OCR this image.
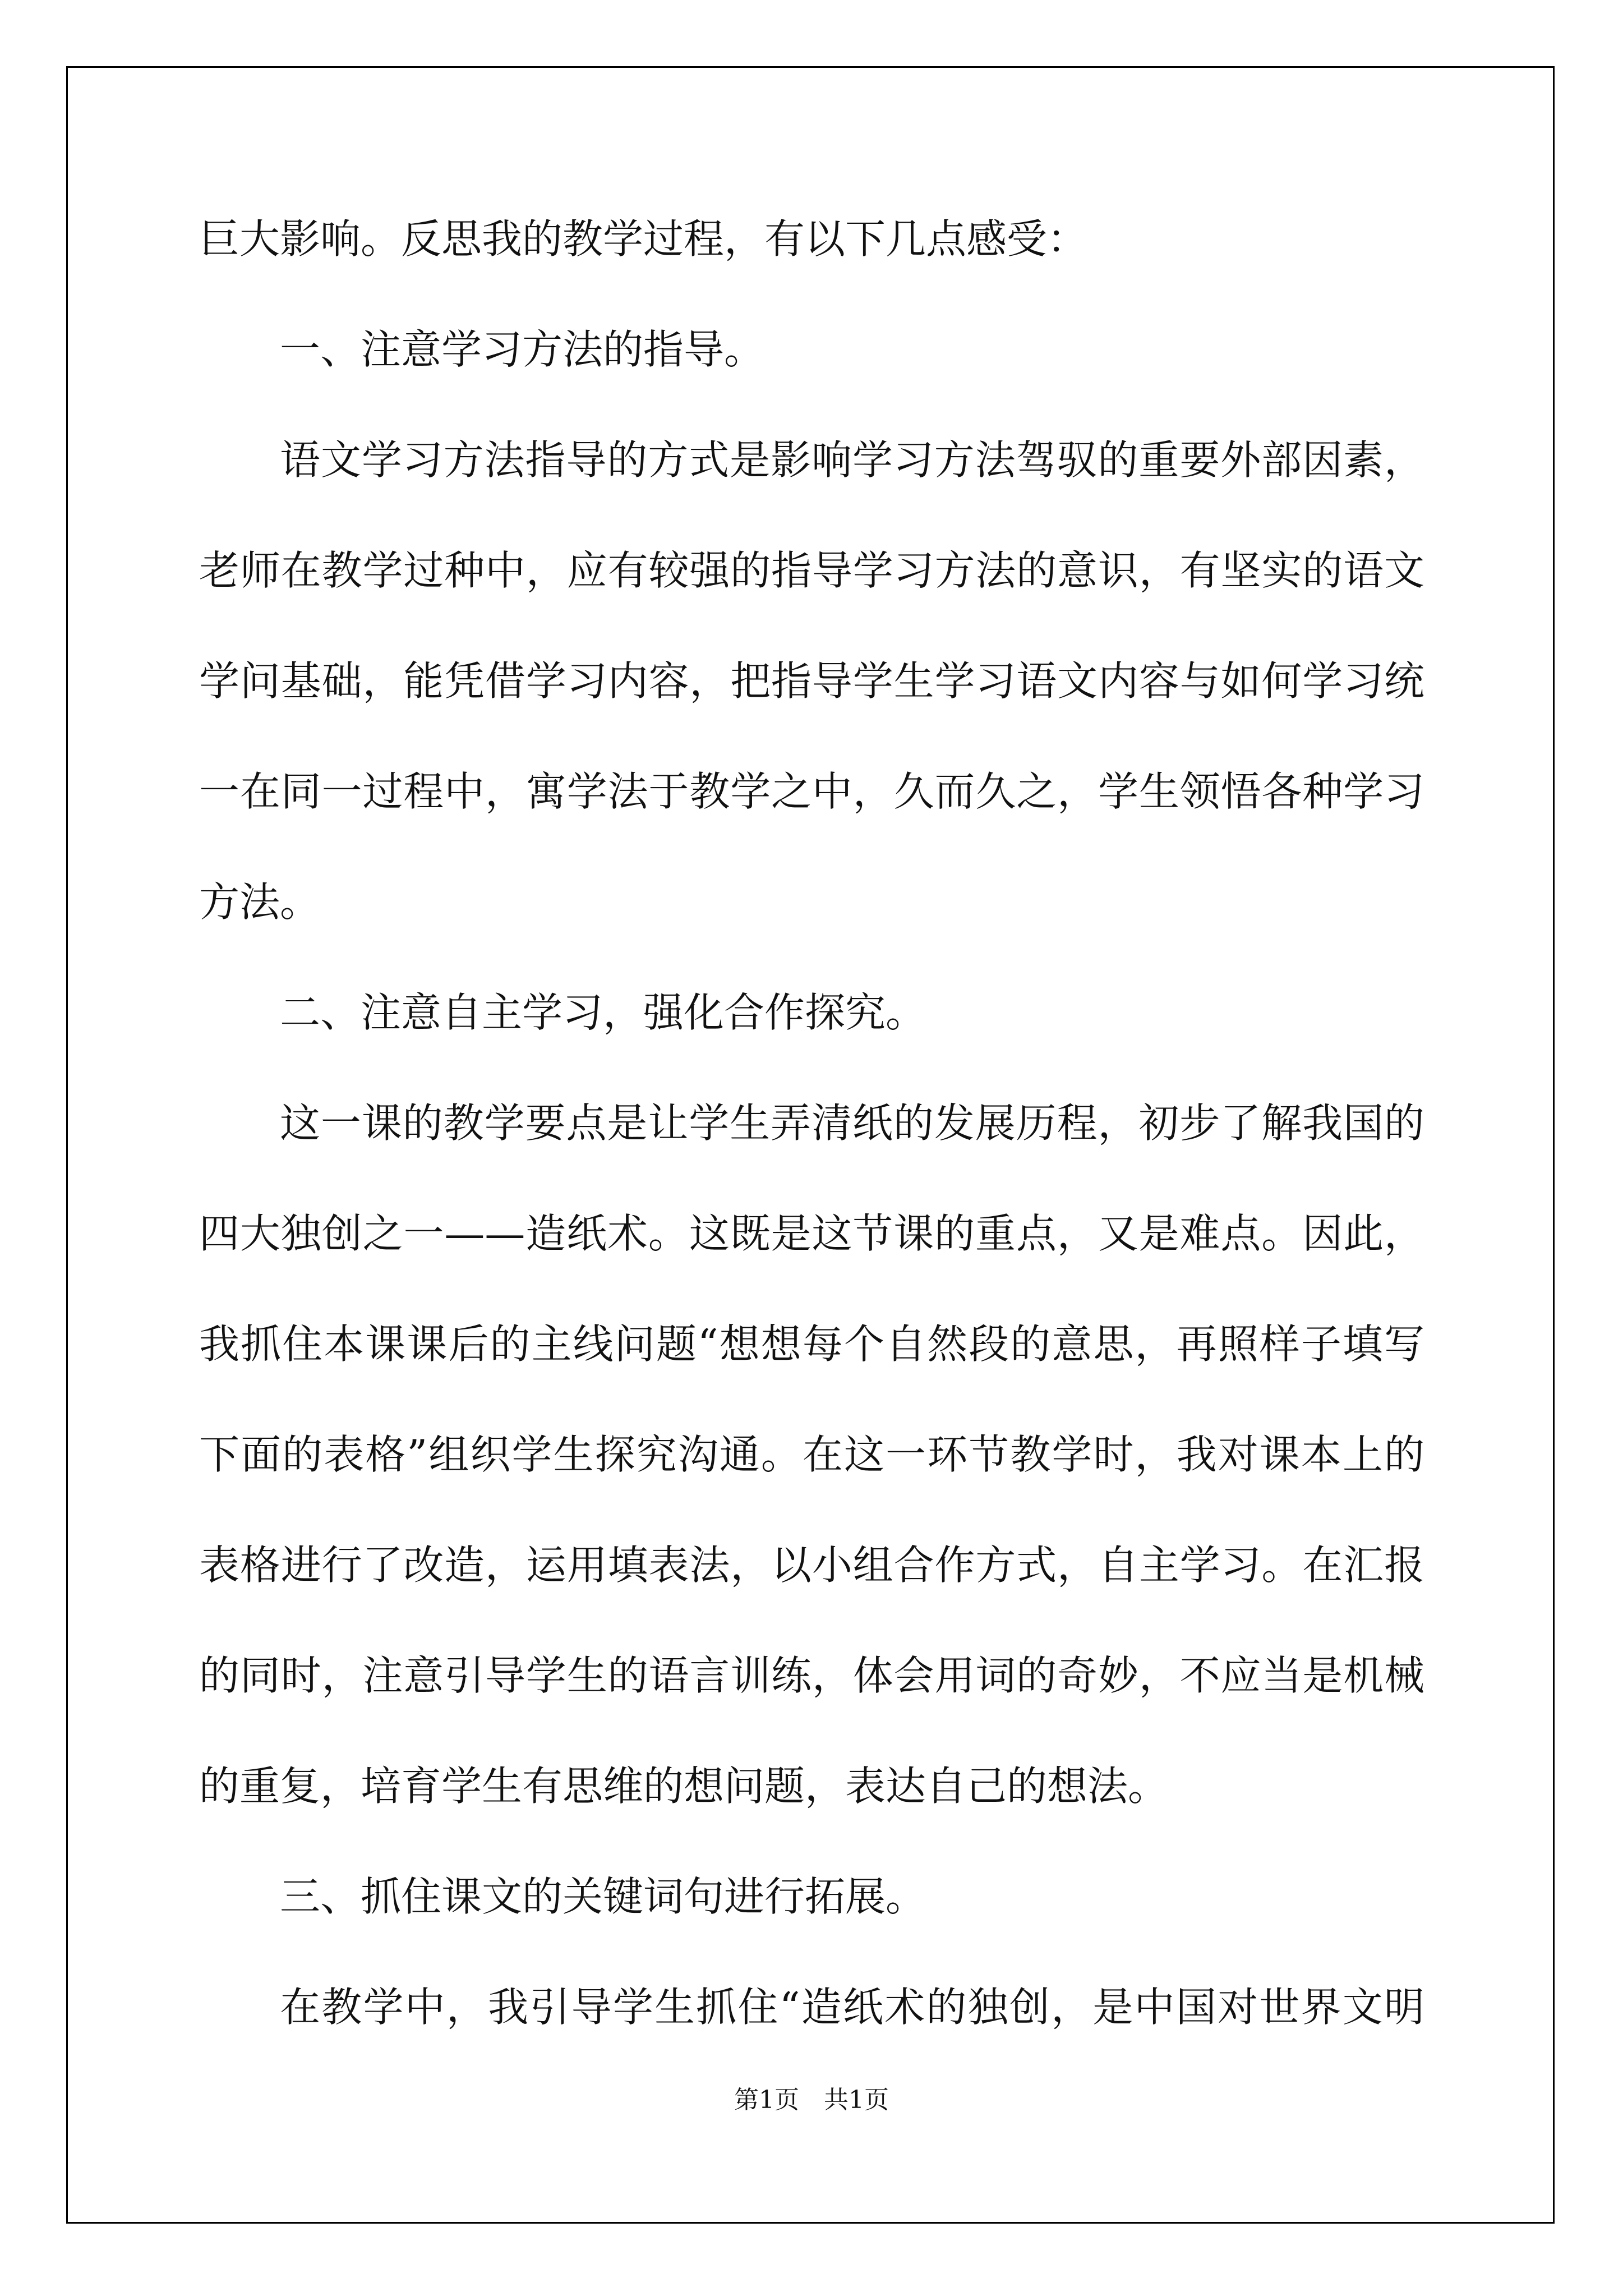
巨大影响。反思我的教学过程，有以下几点感受：
一、注意学习方法的指导。
语文学习方法指导的方式是影响学习方法驾驭的重要外部因素，
老师在教学过种中，应有较强的指导学习方法的意识，有坚实的语文
学问基础，能凭借学习内容，把指导学生学习语文内容与如何学习统
一在同一过程中，寓学法于教学之中，久而久之，学生领悟各种学习
方法。
二、注意自主学习，强化合作探究。
这一课的教学要点是让学生弄清纸的发展历程，初步了解我国的
四大独创之一——造纸术。这既是这节课的重点，又是难点。因此，
我抓住本课课后的主线问题“想想每个自然段的意思，再照样子填写
下面的表格”组织学生探究沟通。在这一环节教学时，我对课本上的
表格进行了改造，运用填表法，以小组合作方式，自主学习。在汇报
的同时，注意引导学生的语言训练，体会用词的奇妙，不应当是机械
的重复，培育学生有思维的想问题，表达自己的想法。
三、抓住课文的关键词句进行拓展。
在教学中，我引导学生抓住“造纸术的独创，是中国对世界文明
第1页　共1页
